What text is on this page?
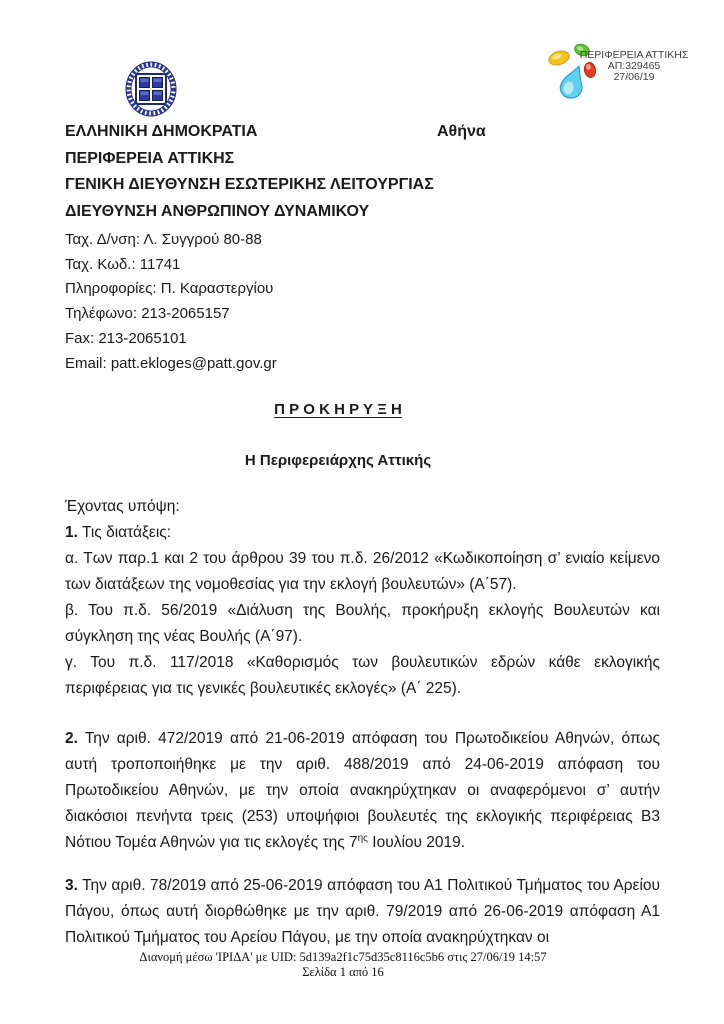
ΠΕΡΙΦΕΡΕΙΑ ΑΤΤΙΚΗΣ
ΑΠ:329465
27/06/19
ΕΛΛΗΝΙΚΗ ΔΗΜΟΚΡΑΤΙΑ	Αθήνα
ΠΕΡΙΦΕΡΕΙΑ ΑΤΤΙΚΗΣ
ΓΕΝΙΚΗ ΔΙΕΥΘΥΝΣΗ ΕΣΩΤΕΡΙΚΗΣ ΛΕΙΤΟΥΡΓΙΑΣ
ΔΙΕΥΘΥΝΣΗ ΑΝΘΡΩΠΙΝΟΥ ΔΥΝΑΜΙΚΟΥ
Ταχ. Δ/νση: Λ. Συγγρού 80-88
Ταχ. Κωδ.: 11741
Πληροφορίες: Π. Καραστεργίου
Τηλέφωνο: 213-2065157
Fax: 213-2065101
Email: patt.ekloges@patt.gov.gr
Π Ρ Ο Κ Η Ρ Υ Ξ Η
Η Περιφερειάρχης Αττικής

Έχοντας υπόψη:

1. Τις διατάξεις:

α. Των παρ.1 και 2 του άρθρου 39 του π.δ. 26/2012 «Κωδικοποίηση σ’ ενιαίο κείμενο των διατάξεων της νομοθεσίας για την εκλογή βουλευτών» (Α΄57).

β. Του π.δ. 56/2019 «Διάλυση της Βουλής, προκήρυξη εκλογής Βουλευτών και σύγκληση της νέας Βουλής (Α΄97).

γ. Του π.δ. 117/2018 «Καθορισμός των βουλευτικών εδρών κάθε εκλογικής περιφέρειας για τις γενικές βουλευτικές εκλογές» (Α΄ 225).

2. Την αριθ. 472/2019 από 21-06-2019 απόφαση του Πρωτοδικείου Αθηνών, όπως αυτή τροποποιήθηκε με την αριθ. 488/2019 από 24-06-2019 απόφαση του Πρωτοδικείου Αθηνών, με την οποία ανακηρύχτηκαν οι αναφερόμενοι σ’ αυτήν διακόσιοι πενήντα τρεις (253) υποψήφιοι βουλευτές της εκλογικής περιφέρειας Β3 Νότιου Τομέα Αθηνών για τις εκλογές της $7^{\eta\varsigma}$ Ιουλίου 2019.

3. Την αριθ. 78/2019 από 25-06-2019 απόφαση του Α1 Πολιτικού Τμήματος του Αρείου Πάγου, όπως αυτή διορθώθηκε με την αριθ. 79/2019 από 26-06-2019 απόφαση Α1 Πολιτικού Τμήματος του Αρείου Πάγου, με την οποία ανακηρύχτηκαν οι

Διανομή μέσω 'ΙΡΙΔΑ' με UID: 5d139a2f1c75d35c8116c5b6 στις 27/06/19 14:57
Σελίδα 1 από 16
